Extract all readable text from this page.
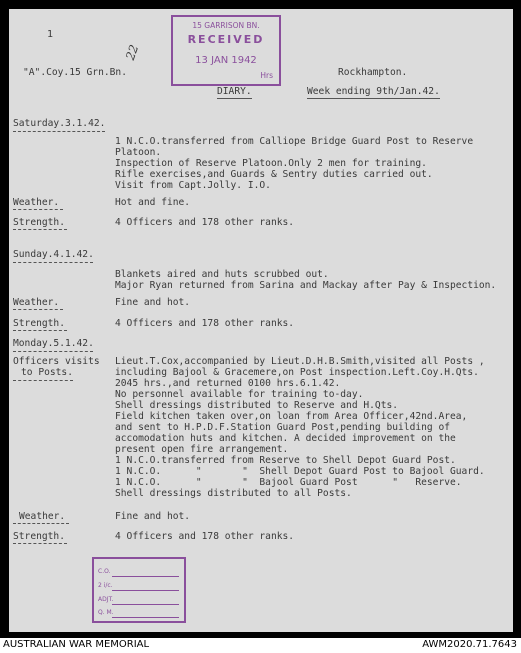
1
22
15 GARRISON BN.
RECEIVED
13 JAN 1942
Hrs
"A".Coy.15 Grn.Bn.	Rockhampton.
DIARY.	Week ending 9th/Jan.42.
Saturday.3.1.42.
1 N.C.O.transferred from Calliope Bridge Guard Post to Reserve
Platoon.
Inspection of Reserve Platoon.Only 2 men for training.
Rifle exercises,and Guards & Sentry duties carried out.
Visit from Capt.Jolly. I.O.
Weather.	Hot and fine.
Strength.	4 Officers and 178 other ranks.
Sunday.4.1.42.
Blankets aired and huts scrubbed out.
Major Ryan returned from Sarina and Mackay after Pay & Inspection.
Weather.	Fine and hot.
Strength.	4 Officers and 178 other ranks.
Monday.5.1.42.
Officers visits
to Posts.
Lieut.T.Cox,accompanied by Lieut.D.H.B.Smith,visited all Posts ,
including Bajool & Gracemere,on Post inspection.Left.Coy.H.Qts.
2045 hrs.,and returned 0100 hrs.6.1.42.
No personnel available for training to-day.
Shell dressings distributed to Reserve and H.Qts.
Field kitchen taken over,on loan from Area Officer,42nd.Area,
and sent to H.P.D.F.Station Guard Post,pending building of
accomodation huts and kitchen. A decided improvement on the
present open fire arrangement.
1 N.C.O.transferred from Reserve to Shell Depot Guard Post.
1 N.C.O.      "       "  Shell Depot Guard Post to Bajool Guard.
1 N.C.O.      "       "  Bajool Guard Post      "   Reserve.
Shell dressings distributed to all Posts.
Weather.	Fine and hot.
Strength.	4 Officers and 178 other ranks.
C.O.
2 i/c.
ADJT.
Q. M.
AUSTRALIAN WAR MEMORIAL	AWM2020.71.7643
